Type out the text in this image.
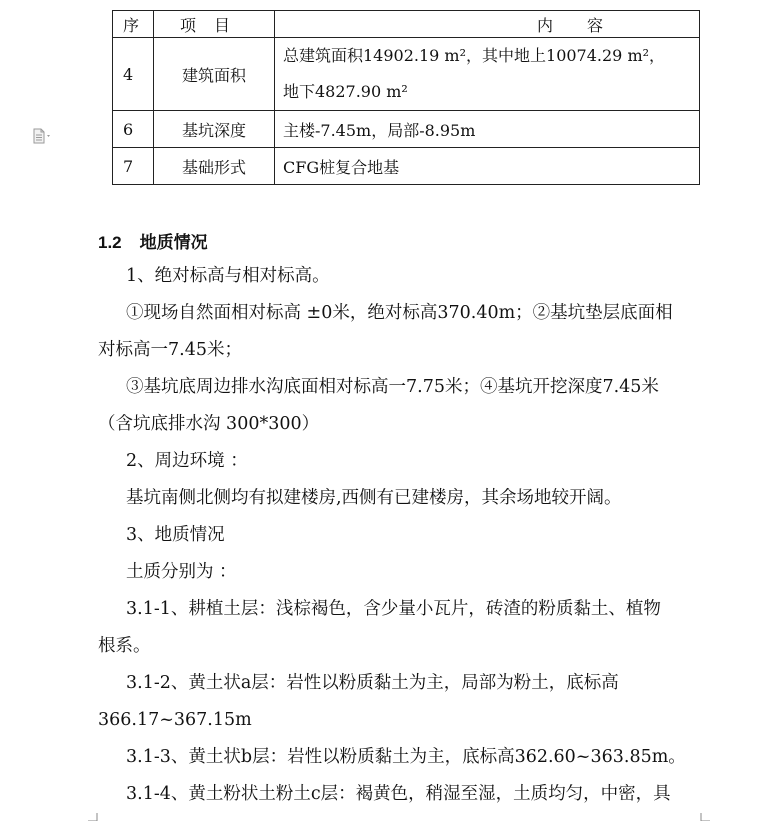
序	项目	内 容

4	建筑面积	总建筑面积14902.19 m²，其中地上10074.29 m²，
地下4827.90 m²

6	基坑深度	主楼-7.45m，局部-8.95m
7	基础形式	CFG桩复合地基
1.2 地质情况

1、绝对标高与相对标高。

①现场自然面相对标高 ±0米，绝对标高370.40m；②基坑垫层底面相

对标高一7.45米；

③基坑底周边排水沟底面相对标高一7.75米；④基坑开挖深度7.45米

（含坑底排水沟 300*300）

2、周边环境 ：

基坑南侧北侧均有拟建楼房,西侧有已建楼房，其余场地较开阔。

3、地质情况

土质分别为 ：

3.1-1、耕植土层：浅棕褐色，含少量小瓦片，砖渣的粉质黏土、植物

根系。

3.1-2、黄土状a层：岩性以粉质黏土为主，局部为粉土，底标高

366.17~367.15m

3.1-3、黄土状b层：岩性以粉质黏土为主，底标高362.60~363.85m。

3.1-4、黄土粉状土粉土c层：褐黄色，稍湿至湿，土质均匀，中密，具
